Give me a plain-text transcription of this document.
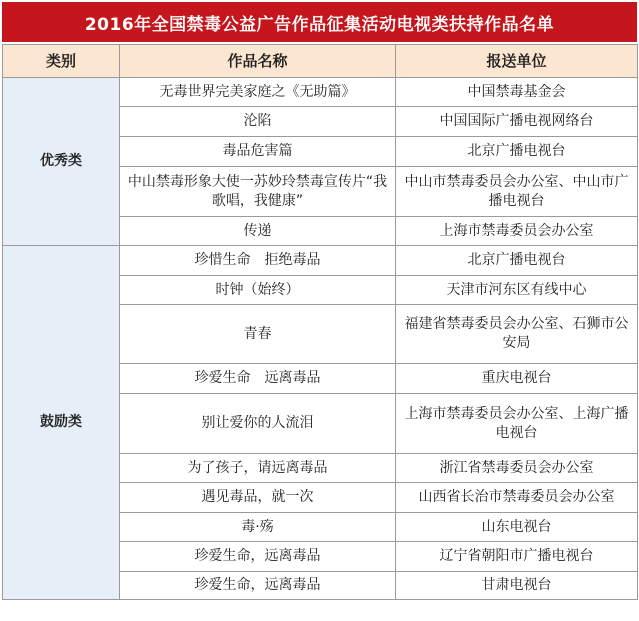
2016年全国禁毒公益广告作品征集活动电视类扶持作品名单
类别	作品名称	报送单位
优秀类	无毒世界完美家庭之《无助篇》	中国禁毒基金会
	沦陷	中国国际广播电视网络台
	毒品危害篇	北京广播电视台
	中山禁毒形象大使一苏妙玲禁毒宣传片“我歌唱，我健康”	中山市禁毒委员会办公室、中山市广播电视台
	传递	上海市禁毒委员会办公室
鼓励类	珍惜生命　拒绝毒品	北京广播电视台
	时钟（始终）	天津市河东区有线中心
	青春	福建省禁毒委员会办公室、石狮市公安局
	珍爱生命　远离毒品	重庆电视台
	别让爱你的人流泪	上海市禁毒委员会办公室、上海广播电视台
	为了孩子，请远离毒品	浙江省禁毒委员会办公室
	遇见毒品，就一次	山西省长治市禁毒委员会办公室
	毒·殇	山东电视台
	珍爱生命，远离毒品	辽宁省朝阳市广播电视台
	珍爱生命，远离毒品	甘肃电视台
